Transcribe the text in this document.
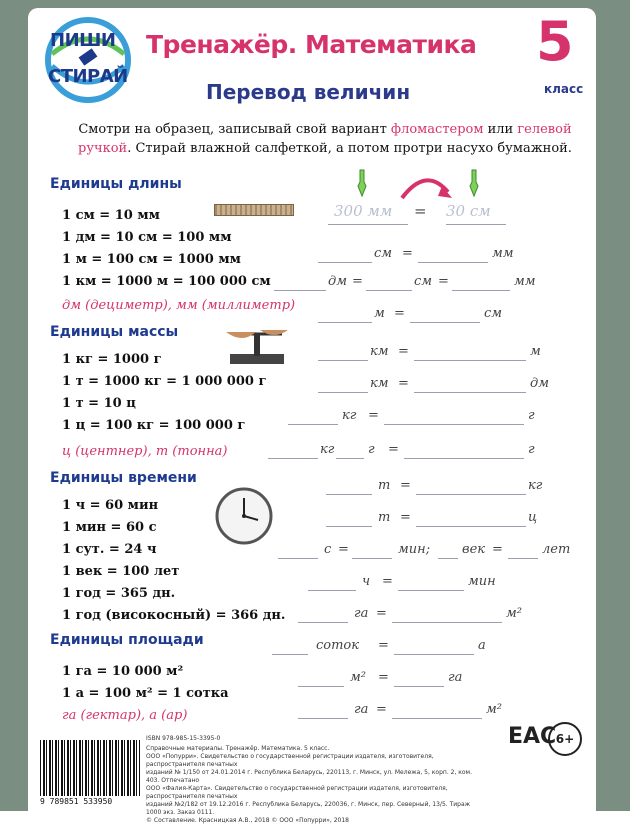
ПИШИ
СТИРАЙ
Тренажёр. Математика 5
класс
Перевод величин
Смотри на образец, записывай свой вариант фломастером или гелевой ручкой. Стирай влажной салфеткой, а потом протри насухо бумажной.
Единицы длины
1 см = 10 мм
1 дм = 10 см = 100 мм
1 м = 100 см = 1000 мм
1 км = 1000 м = 100 000 см
дм (дециметр), мм (миллиметр)
300 мм = 30 см
см =	мм
дм =	см =	мм
м =	см
Единицы массы
1 кг = 1000 г
1 т = 1000 кг = 1 000 000 г
1 т = 10 ц
1 ц = 100 кг = 100 000 г
ц (центнер), т (тонна)
км =	м
км =	дм
кг =	г
кг	г =	г
Единицы времени
1 ч = 60 мин
1 мин = 60 с
1 сут. = 24 ч
1 век = 100 лет
1 год = 365 дн.
1 год (високосный) = 366 дн.
т =	кг
т =	ц
с =	мин; век =	лет
ч =	мин
га =	м²
Единицы площади
1 га = 10 000 м²
1 а = 100 м² = 1 сотка
га (гектар), а (ар)
соток =	а
м² =	га
га =	м²
9 789851 533950
ISBN 978-985-15-3395-0
Справочные материалы. Тренажёр. Математика. 5 класс.
ООО «Попурри». Свидетельство о государственной регистрации издателя, изготовителя, распространителя печатных
изданий № 1/150 от 24.01.2014 г. Республика Беларусь, 220113, г. Минск, ул. Мележа, 5, корп. 2, ком. 403. Отпечатано
ООО «Фалия-Карта». Свидетельство о государственной регистрации издателя, изготовителя, распространителя печатных
изданий №2/182 от 19.12.2016 г. Республика Беларусь, 220036, г. Минск, пер. Северный, 13/5. Тираж 1000 экз. Заказ 0111.
© Составление. Красницкая А.В., 2018 © ООО «Попурри», 2018
EAC 6+
